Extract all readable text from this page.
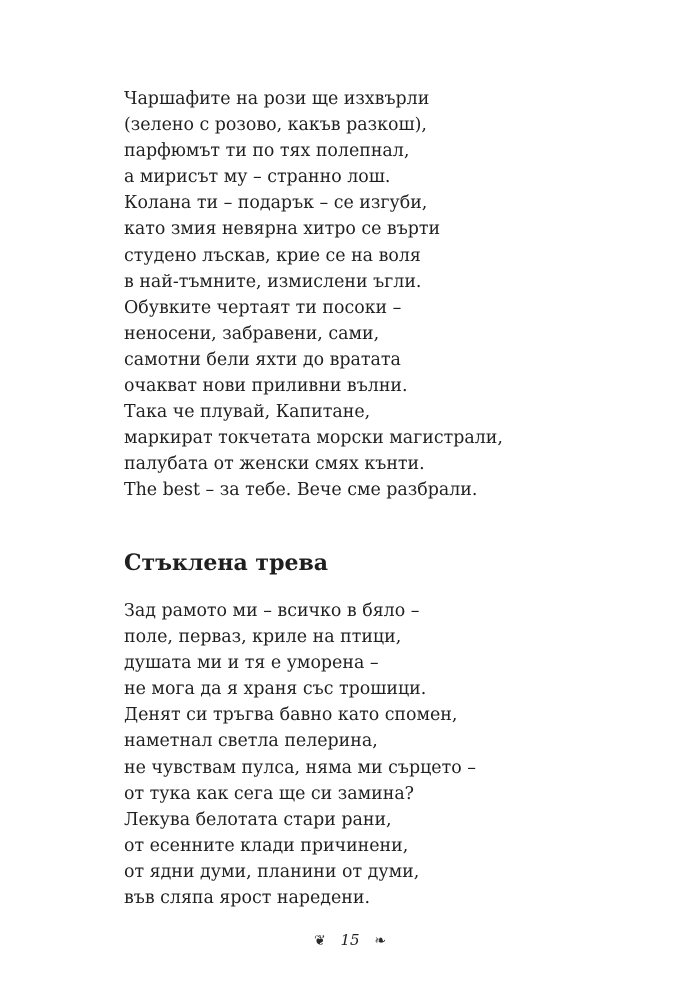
Чаршафите на рози ще изхвърли
(зелено с розово, какъв разкош),
парфюмът ти по тях полепнал,
а мирисът му – странно лош.
Колана ти – подарък – се изгуби,
като змия невярна хитро се върти
студено лъскав, крие се на воля
в най-тъмните, измислени ъгли.
Обувките чертаят ти посоки –
неносени, забравени, сами,
самотни бели яхти до вратата
очакват нови приливни вълни.
Така че плувай, Капитане,
маркират токчетата морски магистрали,
палубата от женски смях кънти.
The best – за тебе. Вече сме разбрали.
Стъклена трева
Зад рамото ми – всичко в бяло –
поле, перваз, криле на птици,
душата ми и тя е уморена –
не мога да я храня със трошици.
Денят си тръгва бавно като спомен,
наметнал светла пелерина,
не чувствам пулса, няма ми сърцето –
от тука как сега ще си замина?
Лекува белотата стари рани,
от есенните клади причинени,
от ядни думи, планини от думи,
във сляпа ярост наредени.
❦ 15 ❧
